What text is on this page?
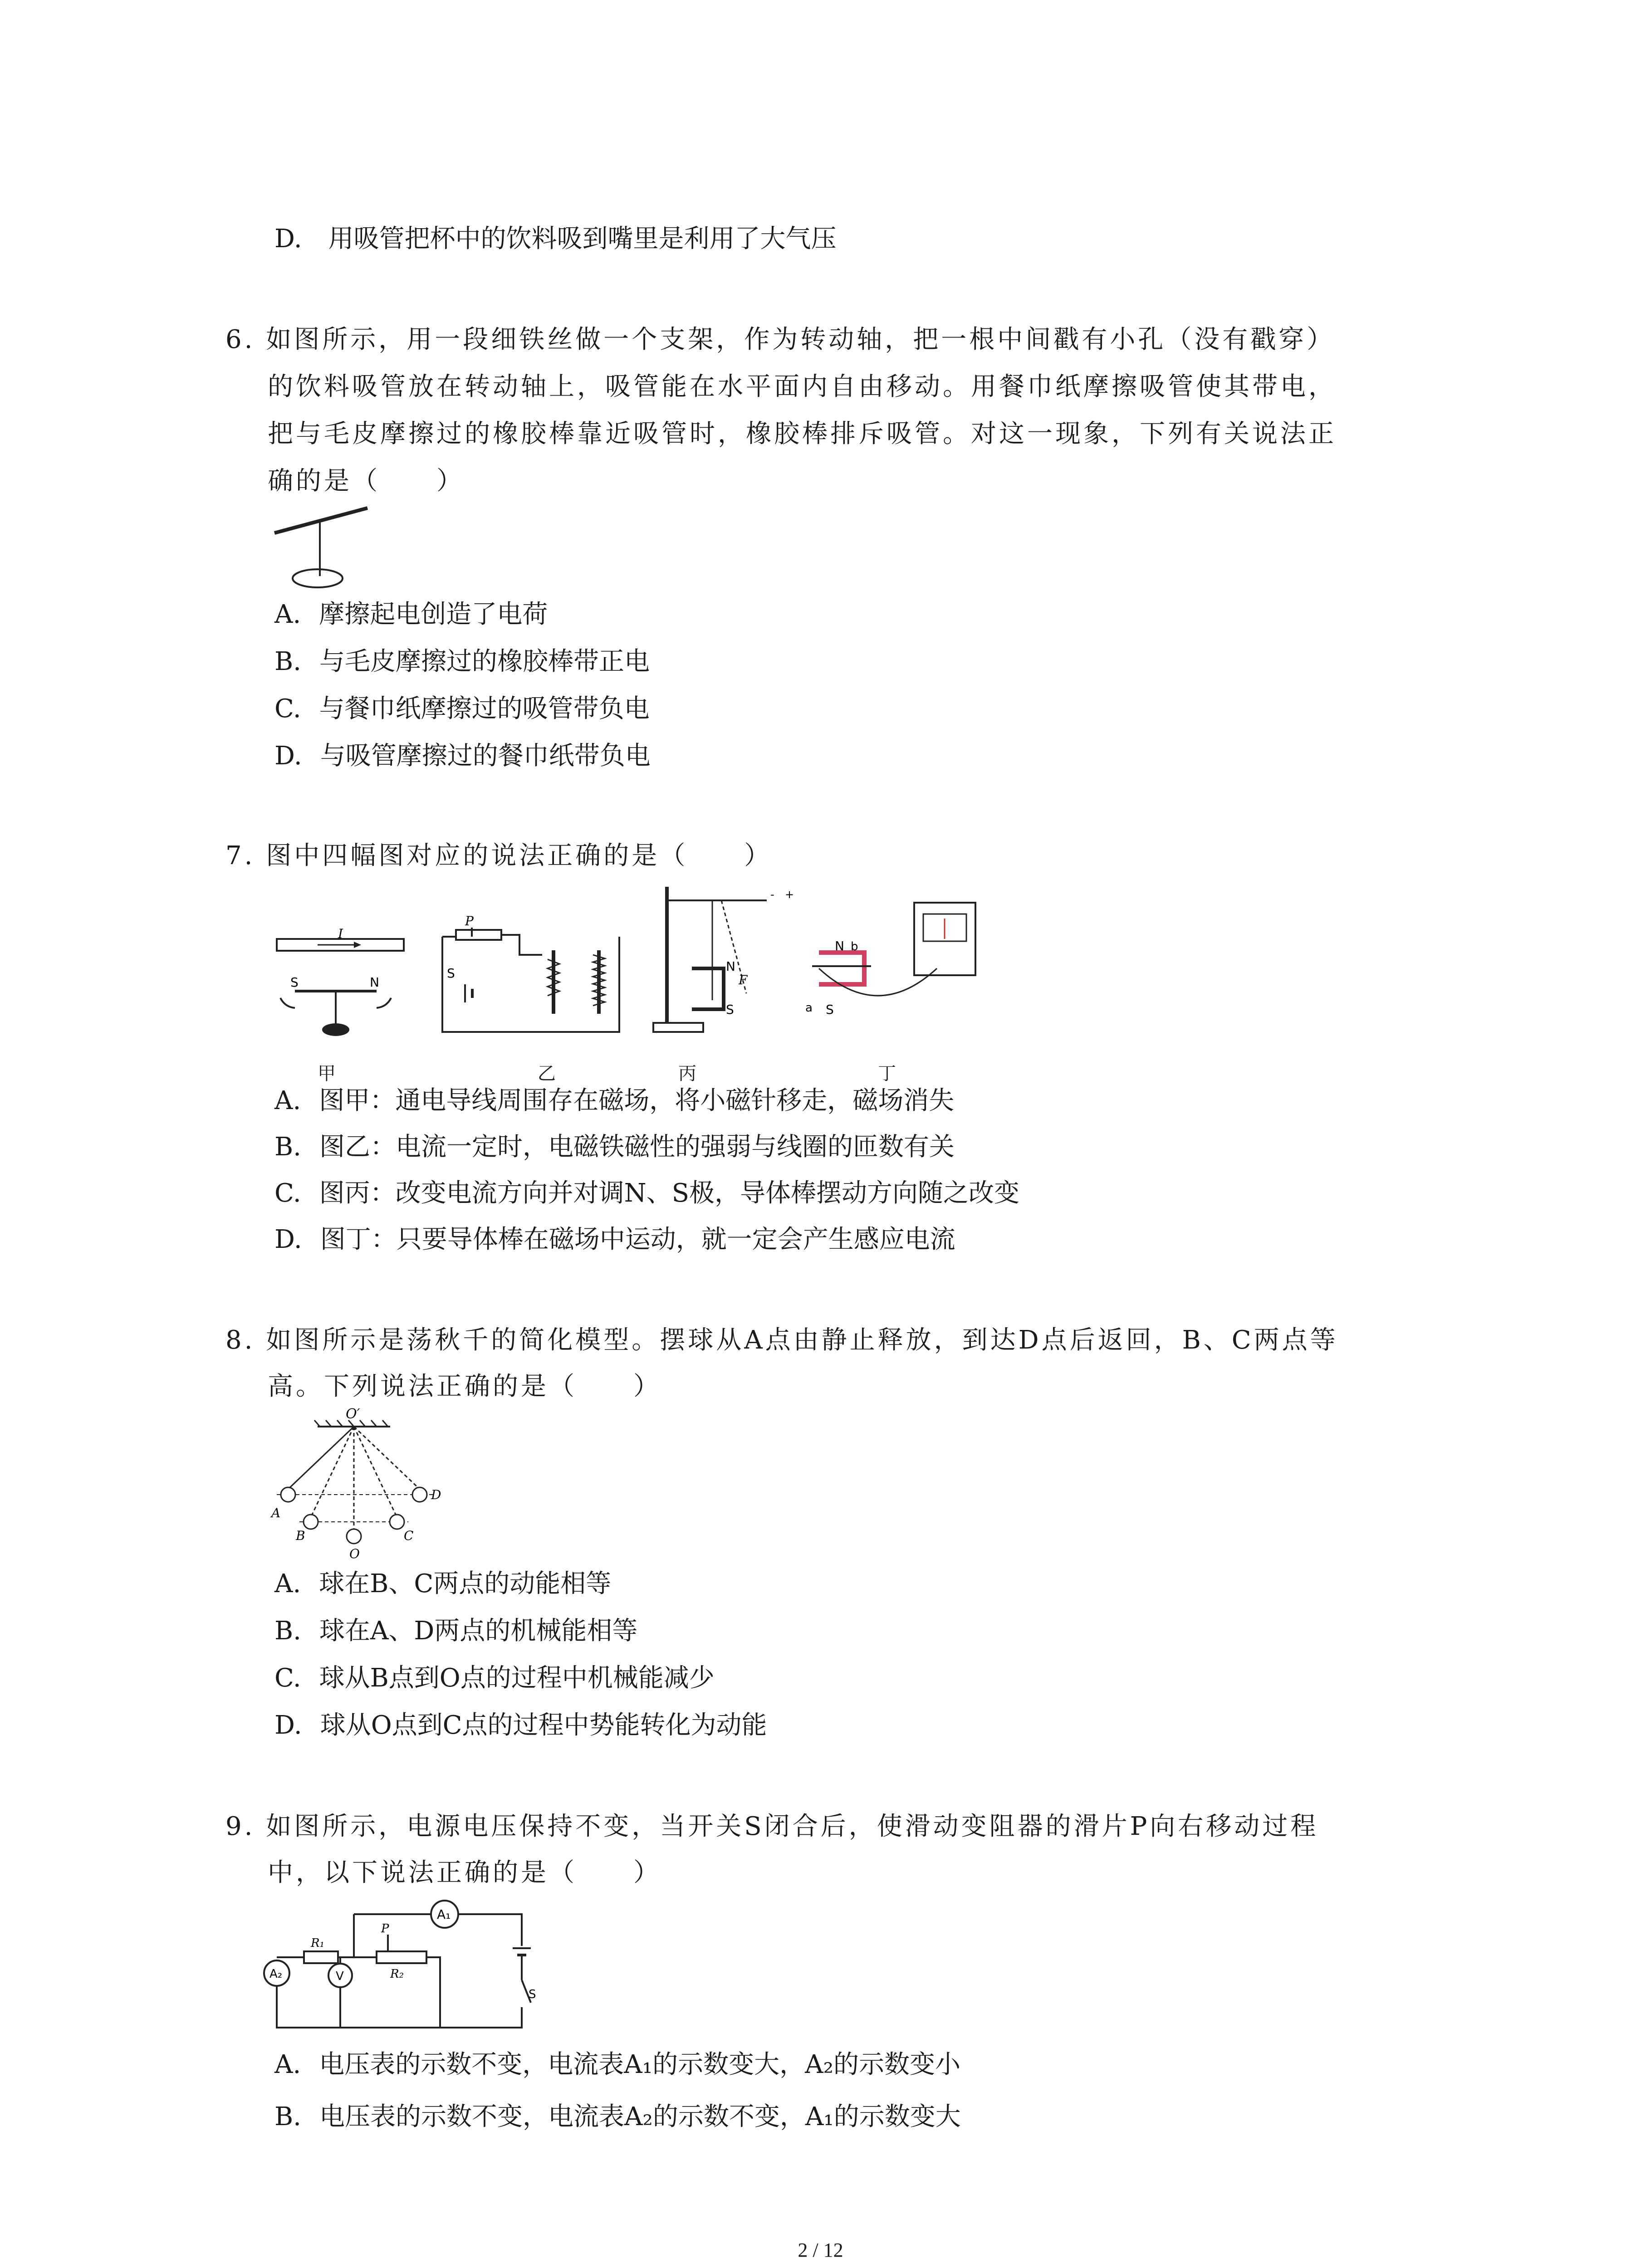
D. 用吸管把杯中的饮料吸到嘴里是利用了大气压
6. 如图所示，用一段细铁丝做一个支架，作为转动轴，把一根中间戳有小孔（没有戳穿）
的饮料吸管放在转动轴上，吸管能在水平面内自由移动。用餐巾纸摩擦吸管使其带电，
把与毛皮摩擦过的橡胶棒靠近吸管时，橡胶棒排斥吸管。对这一现象，下列有关说法正
确的是（　　）
A. 摩擦起电创造了电荷
B. 与毛皮摩擦过的橡胶棒带正电
C. 与餐巾纸摩擦过的吸管带负电
D. 与吸管摩擦过的餐巾纸带负电
7. 图中四幅图对应的说法正确的是（　　）
I
S	N
甲
P
S
乙
- +
N
F
S
丙
N b
a S
丁
A. 图甲：通电导线周围存在磁场，将小磁针移走，磁场消失
B. 图乙：电流一定时，电磁铁磁性的强弱与线圈的匝数有关
C. 图丙：改变电流方向并对调N、S极，导体棒摆动方向随之改变
D. 图丁：只要导体棒在磁场中运动，就一定会产生感应电流
8. 如图所示是荡秋千的简化模型。摆球从A点由静止释放，到达D点后返回，B、C两点等
高。下列说法正确的是（　　）
O′
A
B
O
C
D
A. 球在B、C两点的动能相等
B. 球在A、D两点的机械能相等
C. 球从B点到O点的过程中机械能减少
D. 球从O点到C点的过程中势能转化为动能
9. 如图所示，电源电压保持不变，当开关S闭合后，使滑动变阻器的滑片P向右移动过程
中，以下说法正确的是（　　）
A₁
S
R₁
R₂
P
A₂	V
A. 电压表的示数不变，电流表A₁的示数变大，A₂的示数变小
B. 电压表的示数不变，电流表A₂的示数不变，A₁的示数变大
2 / 12
